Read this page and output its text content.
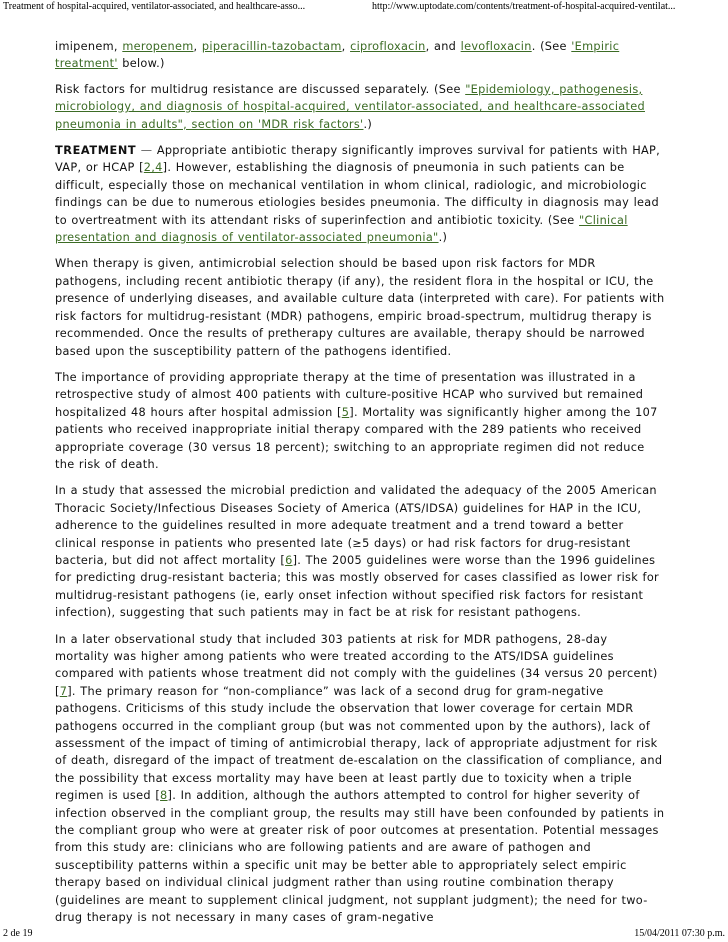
Treatment of hospital-acquired, ventilator-associated, and healthcare-asso...	http://www.uptodate.com/contents/treatment-of-hospital-acquired-ventilat...

imipenem, meropenem, piperacillin-tazobactam, ciprofloxacin, and levofloxacin. (See 'Empiric treatment' below.)

Risk factors for multidrug resistance are discussed separately. (See "Epidemiology, pathogenesis, microbiology, and diagnosis of hospital-acquired, ventilator-associated, and healthcare-associated pneumonia in adults", section on 'MDR risk factors'.)

TREATMENT — Appropriate antibiotic therapy significantly improves survival for patients with HAP, VAP, or HCAP [2,4]. However, establishing the diagnosis of pneumonia in such patients can be difficult, especially those on mechanical ventilation in whom clinical, radiologic, and microbiologic findings can be due to numerous etiologies besides pneumonia. The difficulty in diagnosis may lead to overtreatment with its attendant risks of superinfection and antibiotic toxicity. (See "Clinical presentation and diagnosis of ventilator-associated pneumonia".)

When therapy is given, antimicrobial selection should be based upon risk factors for MDR pathogens, including recent antibiotic therapy (if any), the resident flora in the hospital or ICU, the presence of underlying diseases, and available culture data (interpreted with care). For patients with risk factors for multidrug-resistant (MDR) pathogens, empiric broad-spectrum, multidrug therapy is recommended. Once the results of pretherapy cultures are available, therapy should be narrowed based upon the susceptibility pattern of the pathogens identified.

The importance of providing appropriate therapy at the time of presentation was illustrated in a retrospective study of almost 400 patients with culture-positive HCAP who survived but remained hospitalized 48 hours after hospital admission [5]. Mortality was significantly higher among the 107 patients who received inappropriate initial therapy compared with the 289 patients who received appropriate coverage (30 versus 18 percent); switching to an appropriate regimen did not reduce the risk of death.

In a study that assessed the microbial prediction and validated the adequacy of the 2005 American Thoracic Society/Infectious Diseases Society of America (ATS/IDSA) guidelines for HAP in the ICU, adherence to the guidelines resulted in more adequate treatment and a trend toward a better clinical response in patients who presented late (≥5 days) or had risk factors for drug-resistant bacteria, but did not affect mortality [6]. The 2005 guidelines were worse than the 1996 guidelines for predicting drug-resistant bacteria; this was mostly observed for cases classified as lower risk for multidrug-resistant pathogens (ie, early onset infection without specified risk factors for resistant infection), suggesting that such patients may in fact be at risk for resistant pathogens.

In a later observational study that included 303 patients at risk for MDR pathogens, 28-day mortality was higher among patients who were treated according to the ATS/IDSA guidelines compared with patients whose treatment did not comply with the guidelines (34 versus 20 percent) [7]. The primary reason for “non-compliance” was lack of a second drug for gram-negative pathogens. Criticisms of this study include the observation that lower coverage for certain MDR pathogens occurred in the compliant group (but was not commented upon by the authors), lack of assessment of the impact of timing of antimicrobial therapy, lack of appropriate adjustment for risk of death, disregard of the impact of treatment de-escalation on the classification of compliance, and the possibility that excess mortality may have been at least partly due to toxicity when a triple regimen is used [8]. In addition, although the authors attempted to control for higher severity of infection observed in the compliant group, the results may still have been confounded by patients in the compliant group who were at greater risk of poor outcomes at presentation. Potential messages from this study are: clinicians who are following patients and are aware of pathogen and susceptibility patterns within a specific unit may be better able to appropriately select empiric therapy based on individual clinical judgment rather than using routine combination therapy (guidelines are meant to supplement clinical judgment, not supplant judgment); the need for two-drug therapy is not necessary in many cases of gram-negative

2 de 19	15/04/2011 07:30 p.m.
